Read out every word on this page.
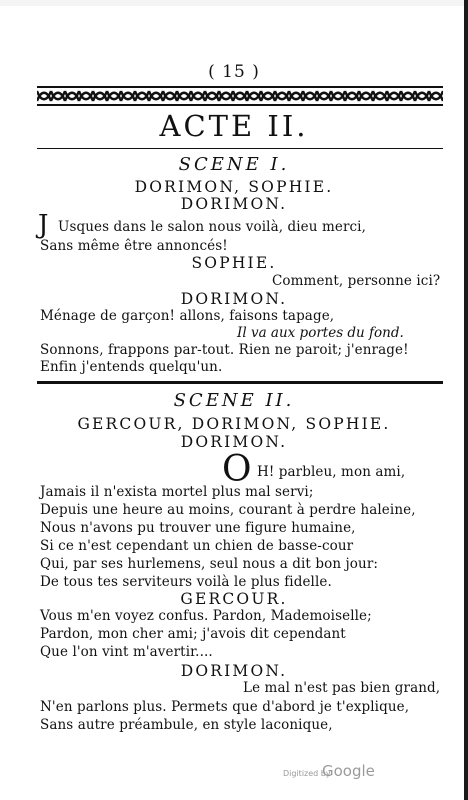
( 15 )
ACTE II.
SCENE I.
DORIMON, SOPHIE.
DORIMON.
J Usques dans le salon nous voilà, dieu merci,
Sans même être annoncés!
SOPHIE.
Comment, personne ici?
DORIMON.
Ménage de garçon! allons, faisons tapage,
Il va aux portes du fond.
Sonnons, frappons par-tout. Rien ne paroit; j'enrage!
Enfin j'entends quelqu'un.
SCENE II.
GERCOUR, DORIMON, SOPHIE.
DORIMON.
O H! parbleu, mon ami,
Jamais il n'exista mortel plus mal servi;
Depuis une heure au moins, courant à perdre haleine,
Nous n'avons pu trouver une figure humaine,
Si ce n'est cependant un chien de basse-cour
Qui, par ses hurlemens, seul nous a dit bon jour:
De tous tes serviteurs voilà le plus fidelle.
GERCOUR.
Vous m'en voyez confus. Pardon, Mademoiselle;
Pardon, mon cher ami; j'avois dit cependant
Que l'on vint m'avertir....
DORIMON.
Le mal n'est pas bien grand,
N'en parlons plus. Permets que d'abord je t'explique,
Sans autre préambule, en style laconique,
Digitized by
Google
